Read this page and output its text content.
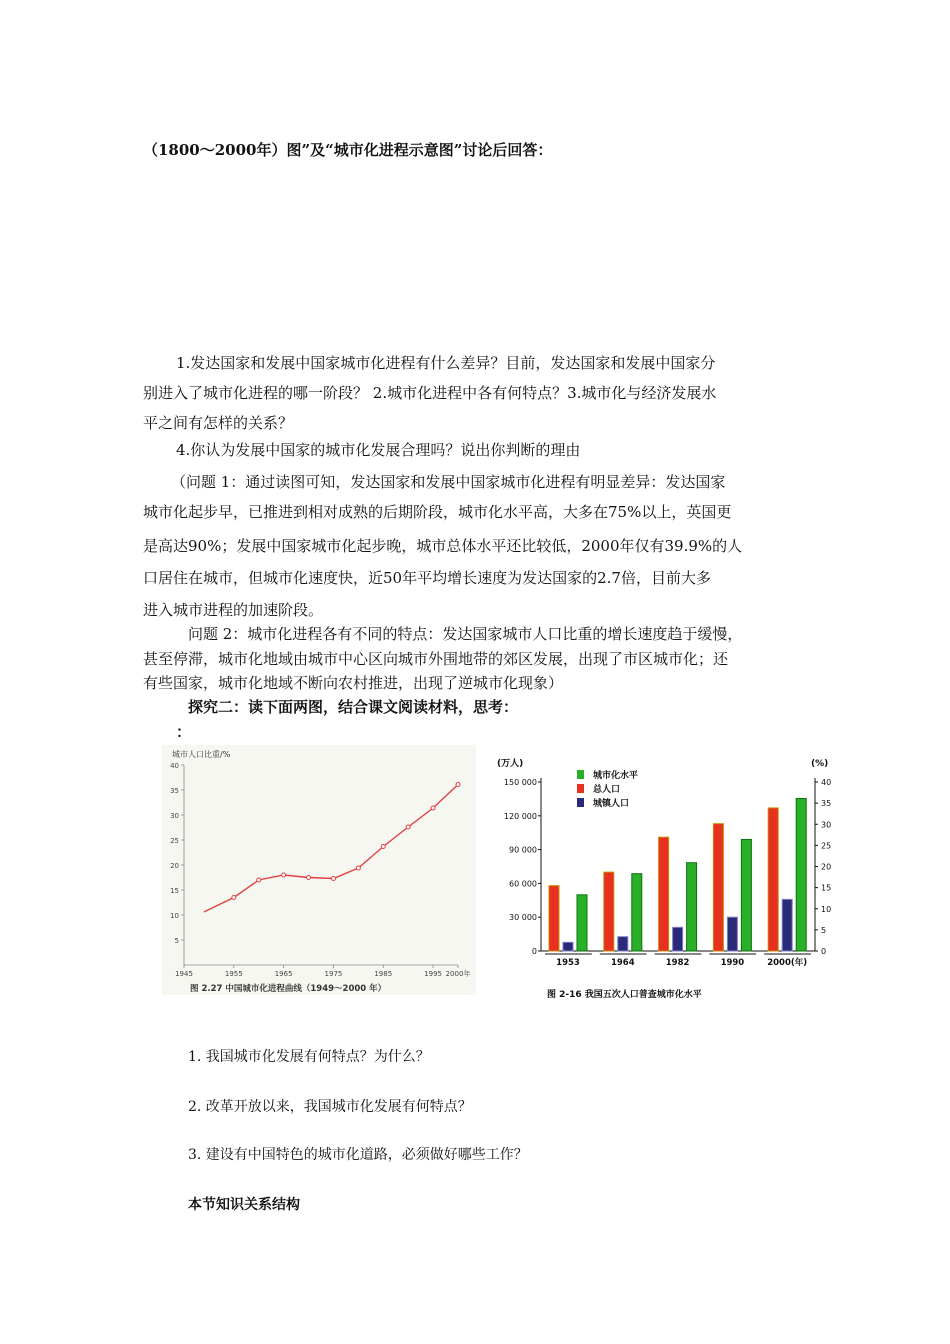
（1800～2000年）图”及“城市化进程示意图”讨论后回答：
1.发达国家和发展中国家城市化进程有什么差异？目前，发达国家和发展中国家分
别进入了城市化进程的哪一阶段？ 2.城市化进程中各有何特点？3.城市化与经济发展水
平之间有怎样的关系？
4.你认为发展中国家的城市化发展合理吗？说出你判断的理由
（问题 1：通过读图可知，发达国家和发展中国家城市化进程有明显差异：发达国家
城市化起步早，已推进到相对成熟的后期阶段，城市化水平高，大多在75%以上，英国更
是高达90%；发展中国家城市化起步晚，城市总体水平还比较低，2000年仅有39.9%的人
口居住在城市，但城市化速度快，近50年平均增长速度为发达国家的2.7倍，目前大多
进入城市进程的加速阶段。
问题 2：城市化进程各有不同的特点：发达国家城市人口比重的增长速度趋于缓慢，
甚至停滞，城市化地域由城市中心区向城市外围地带的郊区发展，出现了市区城市化；还
有些国家，城市化地域不断向农村推进，出现了逆城市化现象）
探究二：读下面两图，结合课文阅读材料，思考：
：
城市人口比重/%
5
10
15
20
25
30
35
40
1945	1955	1965	1975	1985	1995 2000年
图 2.27 中国城市化进程曲线（1949～2000 年）
(万人)	(%)
0
30 000
60 000
90 000
120 000
150 000
0
5
10
15
20
25
30
35
40
1953	1964	1982	1990	2000(年)
城市化水平
总人口
城镇人口
图 2-16 我国五次人口普查城市化水平
1. 我国城市化发展有何特点？为什么？
2. 改革开放以来，我国城市化发展有何特点？
3. 建设有中国特色的城市化道路，必须做好哪些工作？
本节知识关系结构
